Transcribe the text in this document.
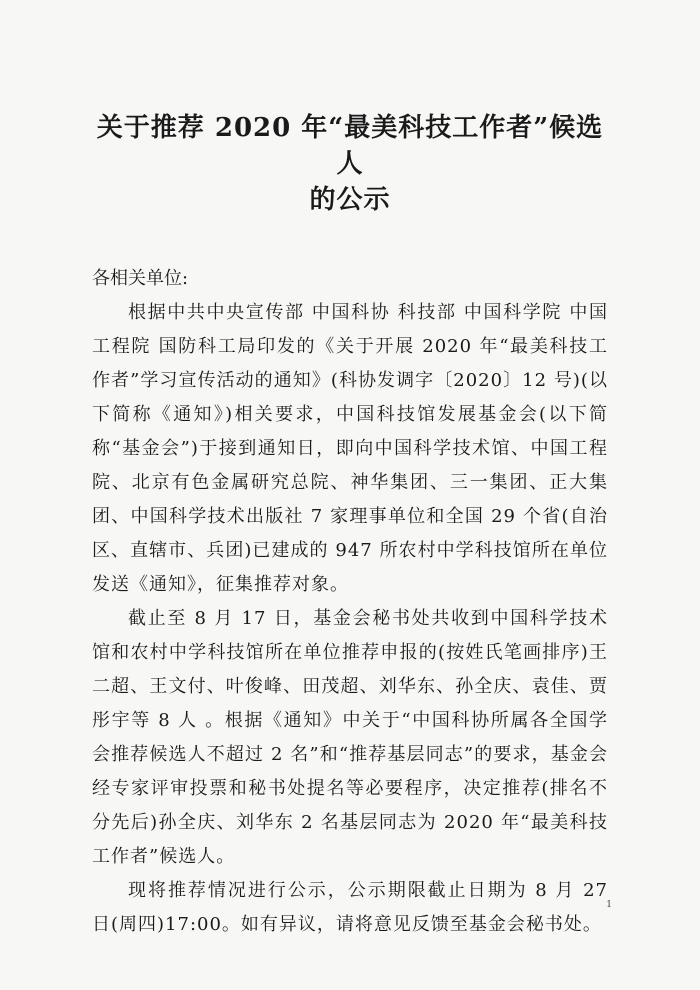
关于推荐 2020 年“最美科技工作者”候选人
的公示

各相关单位:

根据中共中央宣传部 中国科协 科技部 中国科学院 中国工程院 国防科工局印发的《关于开展 2020 年“最美科技工作者”学习宣传活动的通知》(科协发调字〔2020〕12 号)(以下简称《通知》)相关要求，中国科技馆发展基金会(以下简称“基金会”)于接到通知日，即向中国科学技术馆、中国工程院、北京有色金属研究总院、神华集团、三一集团、正大集团、中国科学技术出版社 7 家理事单位和全国 29 个省(自治区、直辖市、兵团)已建成的 947 所农村中学科技馆所在单位发送《通知》，征集推荐对象。

截止至 8 月 17 日，基金会秘书处共收到中国科学技术馆和农村中学科技馆所在单位推荐申报的(按姓氏笔画排序)王二超、王文付、叶俊峰、田茂超、刘华东、孙全庆、袁佳、贾彤宇等 8 人 。根据《通知》中关于“中国科协所属各全国学会推荐候选人不超过 2 名”和“推荐基层同志”的要求，基金会经专家评审投票和秘书处提名等必要程序，决定推荐(排名不分先后)孙全庆、刘华东 2 名基层同志为 2020 年“最美科技工作者”候选人。

现将推荐情况进行公示，公示期限截止日期为 8 月 27 日(周四)17:00。如有异议，请将意见反馈至基金会秘书处。

1
